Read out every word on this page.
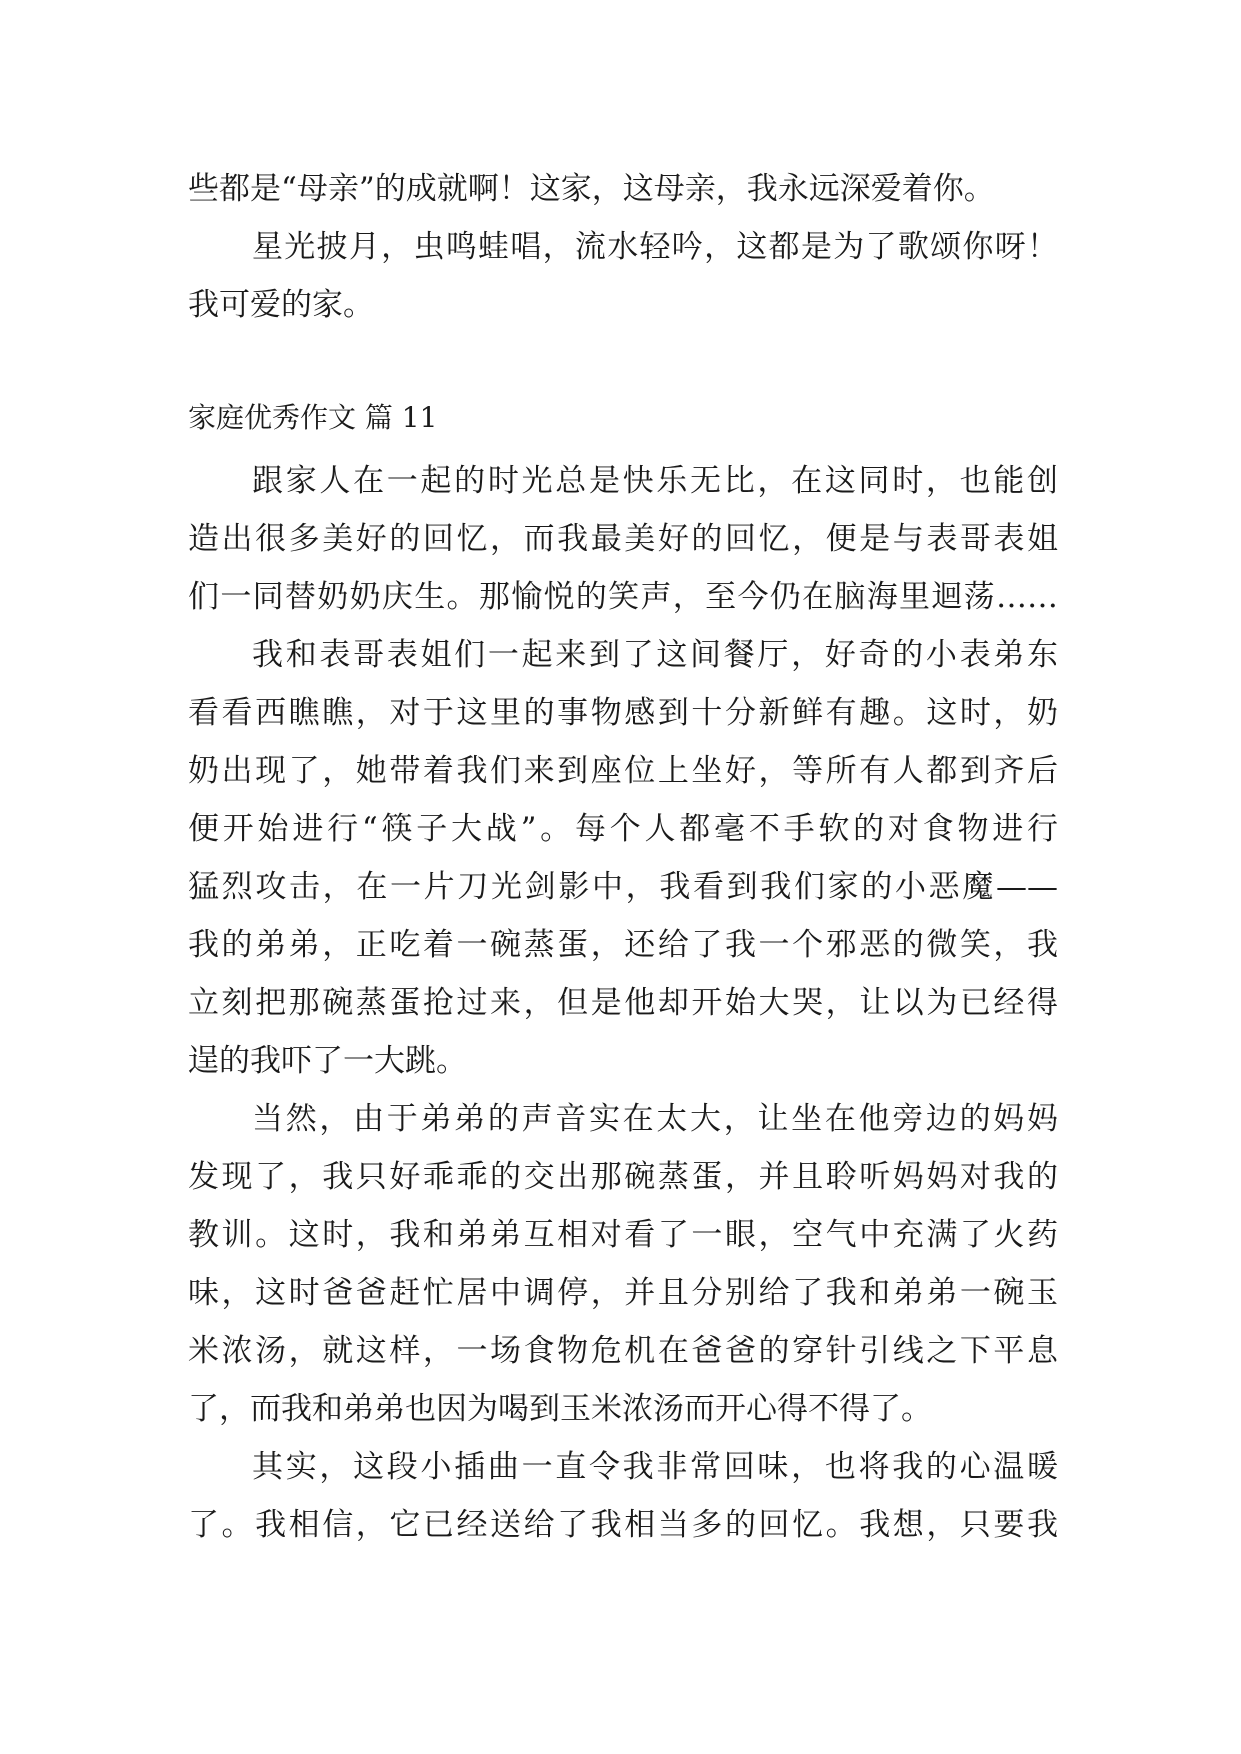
些都是“母亲”的成就啊！这家，这母亲，我永远深爱着你。
星光披月，虫鸣蛙唱，流水轻吟，这都是为了歌颂你呀！
我可爱的家。
家庭优秀作文 篇 11
跟家人在一起的时光总是快乐无比，在这同时，也能创
造出很多美好的回忆，而我最美好的回忆，便是与表哥表姐
们一同替奶奶庆生。那愉悦的笑声，至今仍在脑海里迴荡……
我和表哥表姐们一起来到了这间餐厅，好奇的小表弟东
看看西瞧瞧，对于这里的事物感到十分新鲜有趣。这时，奶
奶出现了，她带着我们来到座位上坐好，等所有人都到齐后
便开始进行“筷子大战”。每个人都毫不手软的对食物进行
猛烈攻击，在一片刀光剑影中，我看到我们家的小恶魔——
我的弟弟，正吃着一碗蒸蛋，还给了我一个邪恶的微笑，我
立刻把那碗蒸蛋抢过来，但是他却开始大哭，让以为已经得
逞的我吓了一大跳。
当然，由于弟弟的声音实在太大，让坐在他旁边的妈妈
发现了，我只好乖乖的交出那碗蒸蛋，并且聆听妈妈对我的
教训。这时，我和弟弟互相对看了一眼，空气中充满了火药
味，这时爸爸赶忙居中调停，并且分别给了我和弟弟一碗玉
米浓汤，就这样，一场食物危机在爸爸的穿针引线之下平息
了，而我和弟弟也因为喝到玉米浓汤而开心得不得了。
其实，这段小插曲一直令我非常回味，也将我的心温暖
了。我相信，它已经送给了我相当多的回忆。我想，只要我
